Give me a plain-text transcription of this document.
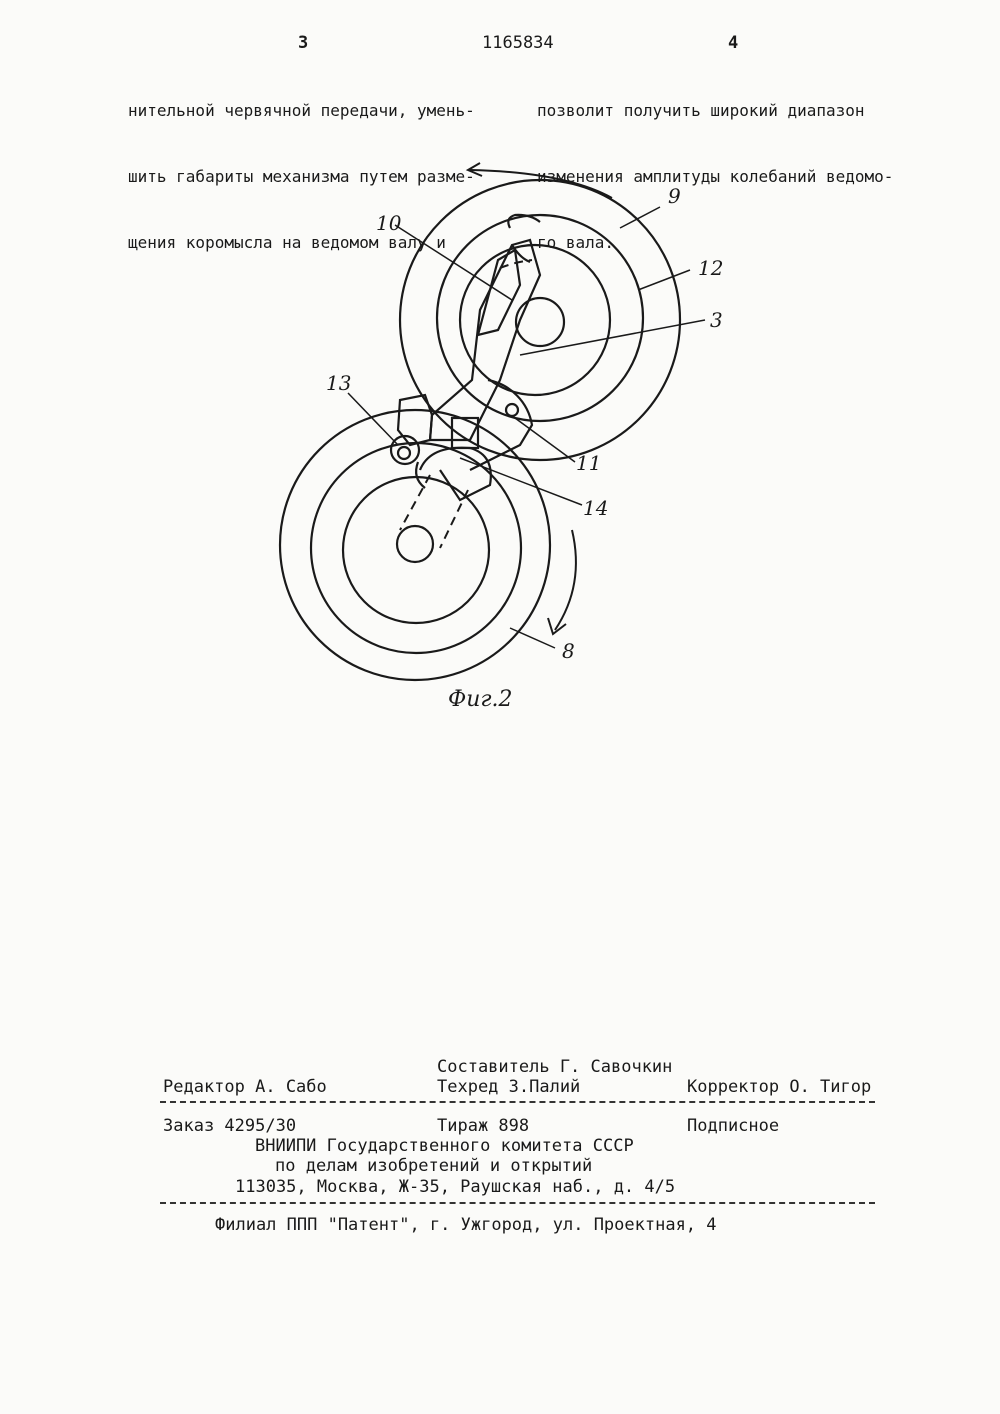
3	1165834	4

нительной червячной передачи, умень-

шить габариты механизма путем разме-

щения коромысла на ведомом валу и

позволит получить широкий диапазон

изменения амплитуды колебаний ведомо-

го вала.

9
10
12
3
13
11
14
8
Фиг.2
Составитель Г. Савочкин
Редактор А. Сабо	Техред З.Палий	Корректор О. Тигор
Заказ 4295/30	Тираж 898	Подписное
ВНИИПИ Государственного комитета СССР
по делам изобретений и открытий
113035, Москва, Ж-35, Раушская наб., д. 4/5
Филиал ППП "Патент", г. Ужгород, ул. Проектная, 4
